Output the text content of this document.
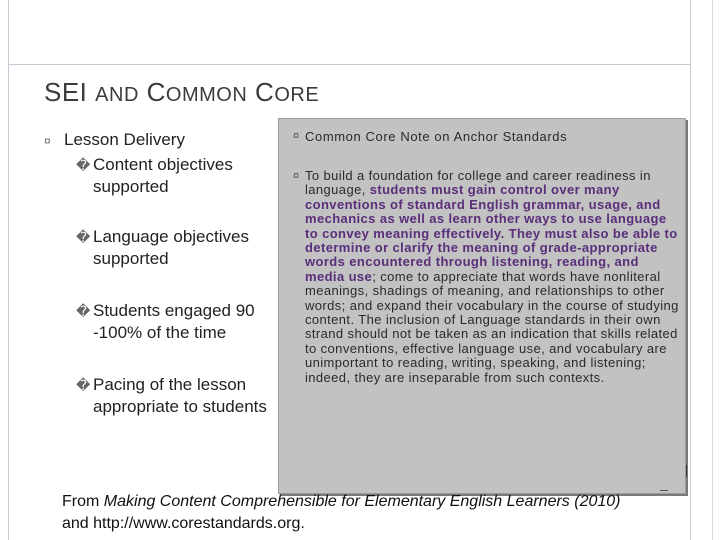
SEI AND COMMON CORE
¤ Lesson Delivery
� Content objectives supported
� Language objectives supported
� Students engaged 90 -100% of the time
� Pacing of the lesson appropriate to students
¤ Common Core Note on Anchor Standards
¤ To build a foundation for college and career readiness in language, students must gain control over many conventions of standard English grammar, usage, and mechanics as well as learn other ways to use language to convey meaning effectively. They must also be able to determine or clarify the meaning of grade-appropriate words encountered through listening, reading, and media use; come to appreciate that words have nonliteral meanings, shadings of meaning, and relationships to other words; and expand their vocabulary in the course of studying content. The inclusion of Language standards in their own strand should not be taken as an indication that skills related to conventions, effective language use, and vocabulary are unimportant to reading, writing, speaking, and listening; indeed, they are inseparable from such contexts.
From Making Content Comprehensible for Elementary English Learners (2010) and http://www.corestandards.org.
